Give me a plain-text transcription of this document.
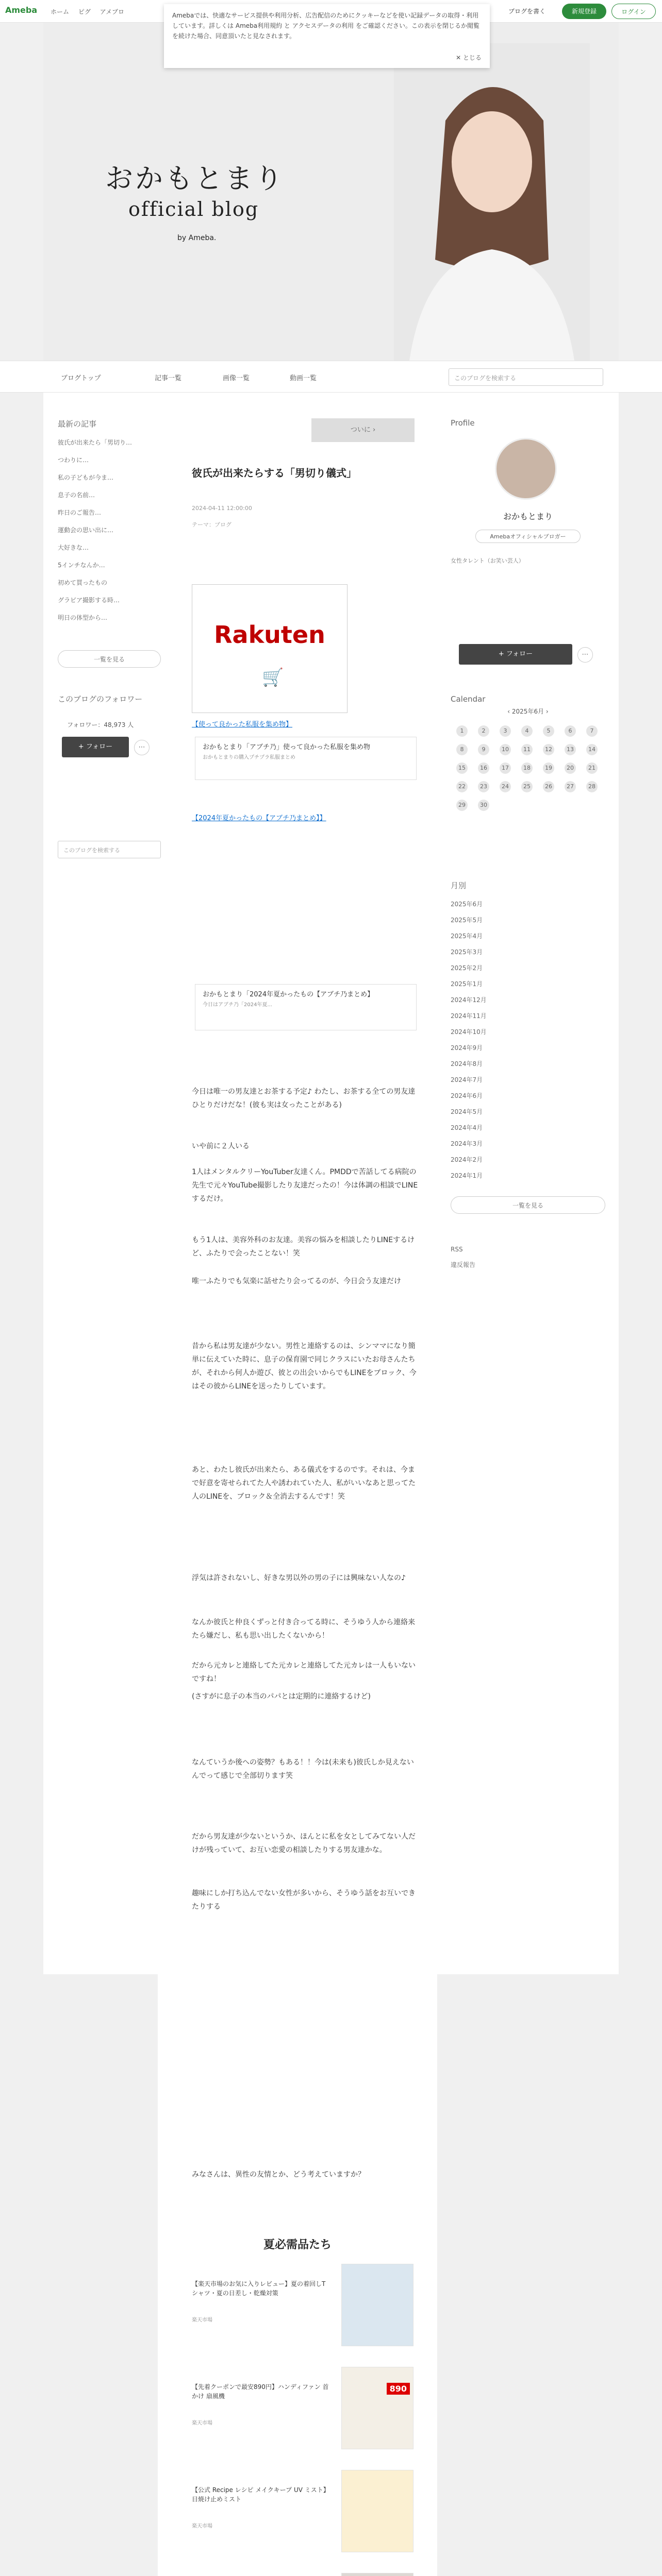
Ameba ホーム ピグ アメブロ	ブログを書く	新規登録	ログイン
おかもとまり
official blog
by Ameba.
Amebaでは、快適なサービス提供や利用分析、広告配信のためにクッキーなどを使い記録データの取得・利用しています。詳しくは Ameba利用規約 と アクセスデータの利用 をご確認ください。この表示を閉じるか閲覧を続けた場合、同意頂いたと見なされます。
✕ とじる
ブログトップ	記事一覧	画像一覧	動画一覧	このブログを検索する
最新の記事
彼氏が出来たら「男切り…
つわりに…
私の子どもが今ま…
息子の名前…
昨日のご報告…
運動会の思い出に…
大好きな…
5インチなんか…
初めて買ったもの
グラビア撮影する時…
明日の体型から…
一覧を見る
このブログのフォロワー
フォロワー：48,973 人
+ フォロー	⋯
このブログを検索する
ついに ›
彼氏が出来たらする「男切り儀式」
2024-04-11 12:00:00
テーマ：ブログ
Rakuten
🛒
【使って良かった私服を集め物】
おかもとまり「アブチ乃」使って良かった私服を集め物
おかもとまりの購入プチプラ私服まとめ
【2024年夏かったもの【アブチ乃まとめ】】
おかもとまり「2024年夏かったもの【アブチ乃まとめ】
今日はアブチ乃「2024年夏...
今日は唯一の男友達とお茶する予定♪ わたし、お茶する全ての男友達ひとりだけだな！(彼も実は女ったことがある)
いや前に２人いる
1人はメンタルクリーYouTuber友達くん。PMDDで苦話してる病院の先生で元々YouTube撮影したり友達だったの！今は体調の相談でLINEするだけ。
もう1人は、美容外科のお友達。美容の悩みを相談したりLINEするけど、ふたりで会ったことない！笑
唯一ふたりでも気楽に話せたり会ってるのが、今日会う友達だけ
昔から私は男友達が少ない。男性と連絡するのは、シンママになり簡単に伝えていた時に、息子の保育園で同じクラスにいたお母さんたちが、それから何人か遊び、彼との出会いからでもLINEをブロック、今はその彼からLINEを送ったりしています。
あと、わたし彼氏が出来たら、ある儀式をするのです。それは、今まで好意を寄せられてた人や誘われていた人、私がいいなあと思ってた人のLINEを、ブロック＆全消去するんです！笑
浮気は許されないし、好きな男以外の男の子には興味ない人なの♪
なんか彼氏と仲良くずっと付き合ってる時に、そうゆう人から連絡来たら嫌だし、私も思い出したくないから！
だから元カレと連絡してた元カレと連絡してた元カレは一人もいないですね！
(さすがに息子の本当のパパとは定期的に連絡するけど)
なんていうか後への姿勢？もある！！今は(未来も)彼氏しか見えないんでって感じで全部切ります笑
だから男友達が少ないというか、ほんとに私を女としてみてない人だけが残っていて、お互い恋愛の相談したりする男友達かな。
趣味にしか打ち込んでない女性が多いから、そうゆう話をお互いできたりする
みなさんは、異性の友情とか、どう考えていますか？
夏必需品たち
【楽天市場のお気に入りレビュー】夏の着回しTシャツ・夏の日差し・乾燥対策
楽天市場
【先着クーポンで最安890円】ハンディファン 首かけ 扇風機
楽天市場
890
【公式 Recipe レシピ メイクキープ UV ミスト】日焼け止めミスト
楽天市場
Profile
おかもとまり
Amebaオフィシャルブロガー
女性タレント（お笑い芸人）
+ フォロー	⋯
Calendar
‹ 2025年6月 ›
1	2	3	4	5	6	7
8	9	10	11	12	13	14
15	16	17	18	19	20	21
22	23	24	25	26	27	28
29	30					
月別
2025年6月
2025年5月
2025年4月
2025年3月
2025年2月
2025年1月
2024年12月
2024年11月
2024年10月
2024年9月
2024年8月
2024年7月
2024年6月
2024年5月
2024年4月
2024年3月
2024年2月
2024年1月
一覧を見る
RSS
違反報告
